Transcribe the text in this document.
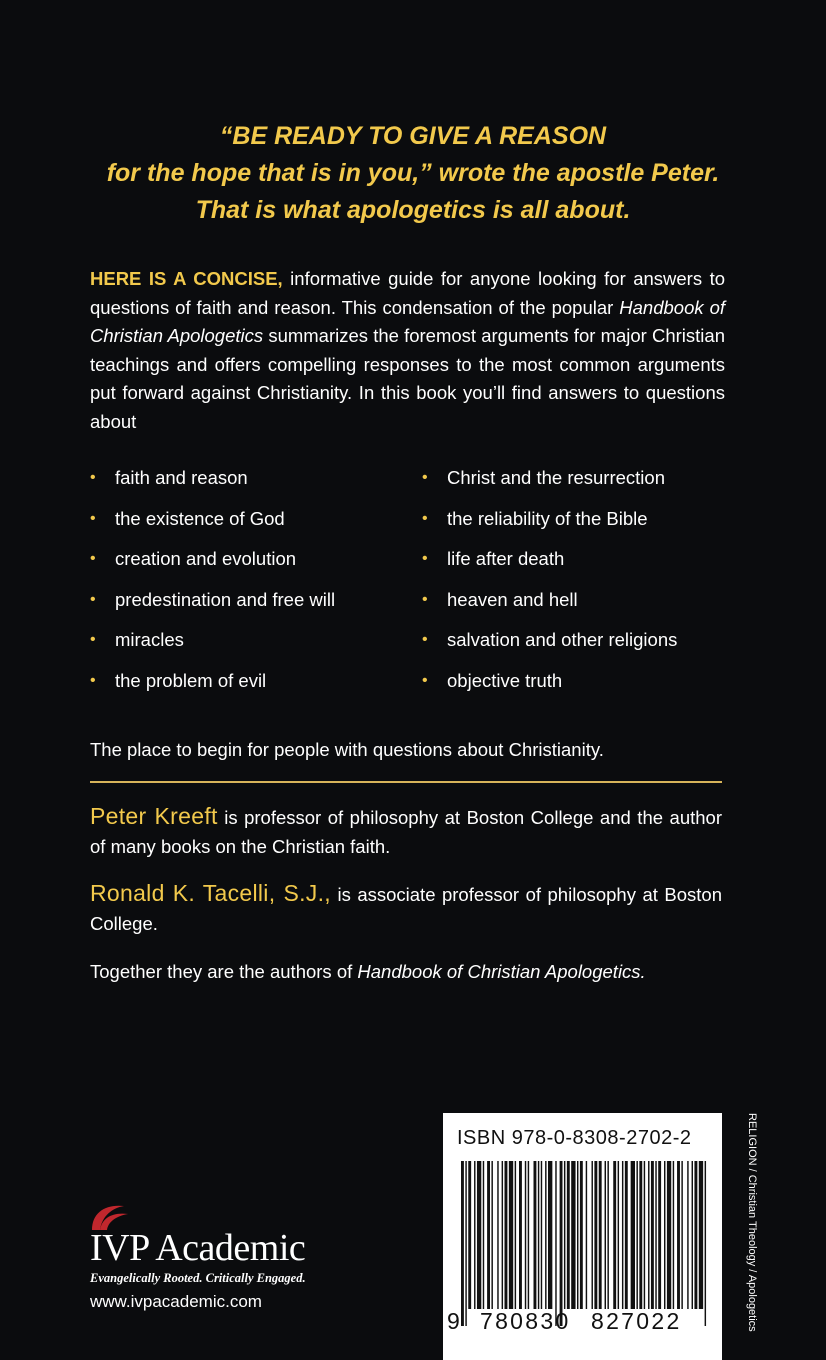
“BE READY TO GIVE A REASON
for the hope that is in you,” wrote the apostle Peter.
That is what apologetics is all about.
HERE IS A CONCISE, informative guide for anyone looking for answers to questions of faith and reason. This condensation of the popular Handbook of Christian Apologetics summarizes the foremost arguments for major Christian teachings and offers compelling responses to the most common arguments put forward against Christianity. In this book you’ll find answers to questions about
• faith and reason	• Christ and the resurrection
• the existence of God	• the reliability of the Bible
• creation and evolution	• life after death
• predestination and free will	• heaven and hell
• miracles	• salvation and other religions
• the problem of evil	• objective truth
The place to begin for people with questions about Christianity.
Peter Kreeft is professor of philosophy at Boston College and the author of many books on the Christian faith.
Ronald K. Tacelli, S.J., is associate professor of philosophy at Boston College.
Together they are the authors of Handbook of Christian Apologetics.
IVP Academic
Evangelically Rooted. Critically Engaged.
www.ivpacademic.com
ISBN 978-0-8308-2702-2
9 780830 827022	RELIGION / Christian Theology / Apologetics
